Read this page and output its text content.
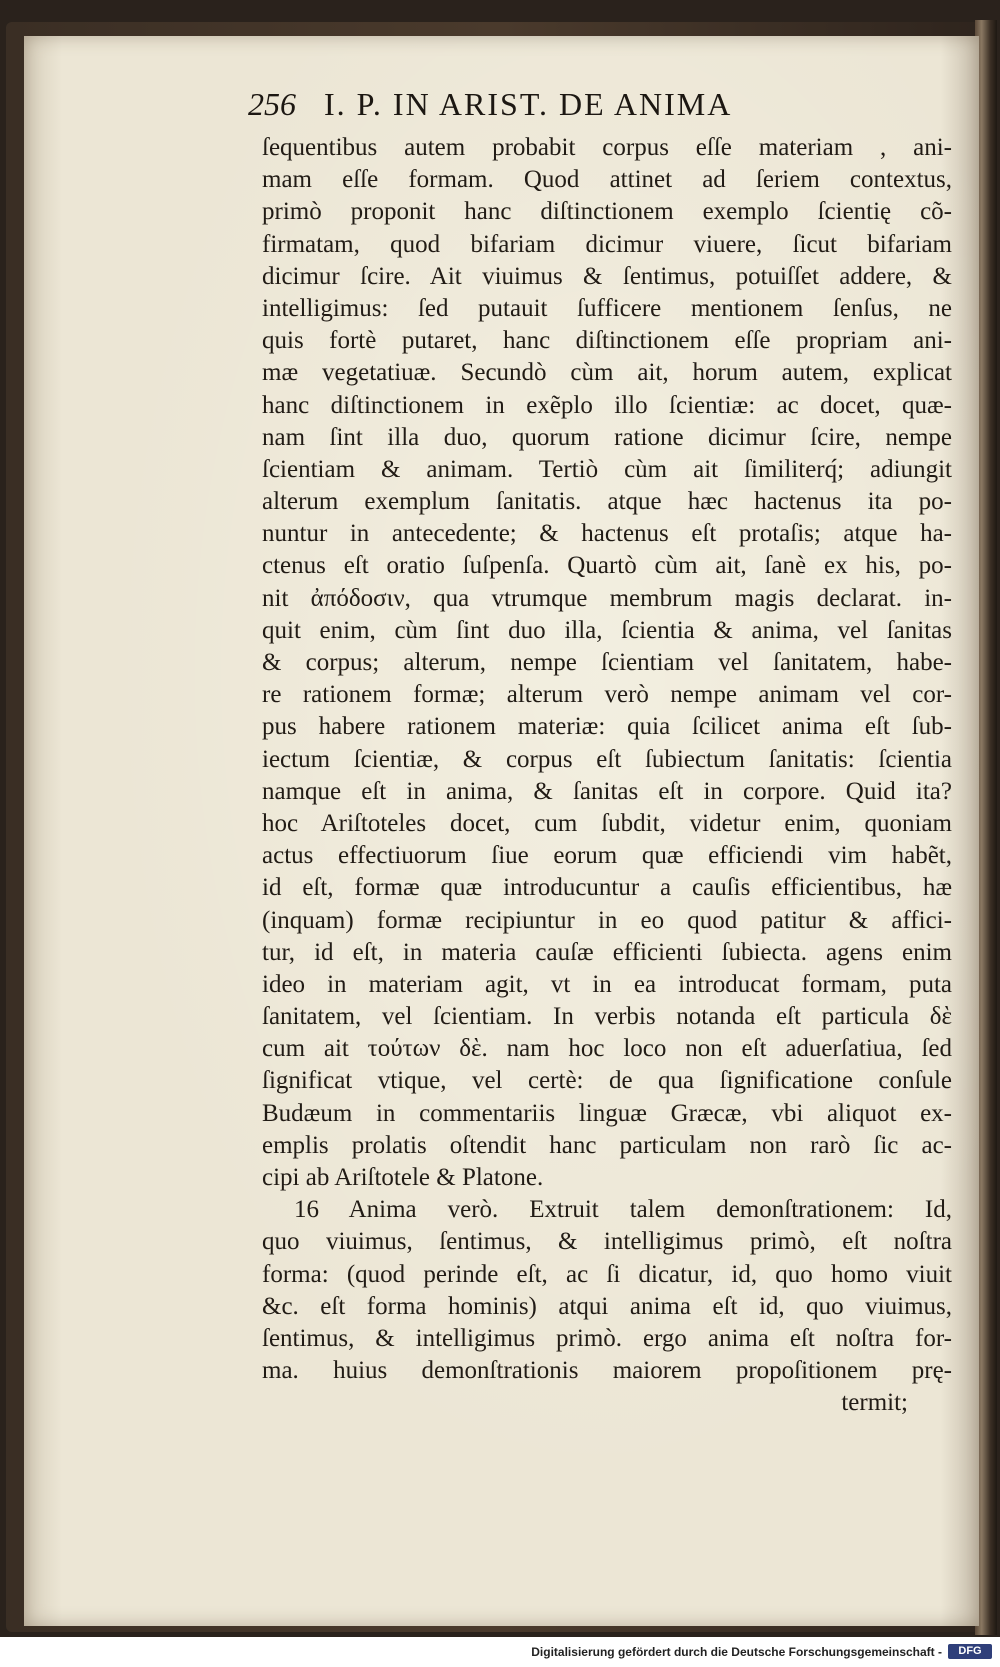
256 I. P. IN ARIST. DE ANIMA
ſequentibus autem probabit corpus eſſe materiam , ani-
mam eſſe formam. Quod attinet ad ſeriem contextus,
primò proponit hanc diſtinctionem exemplo ſcientię cõ-
firmatam, quod bifariam dicimur viuere, ſicut bifariam
dicimur ſcire. Ait viuimus & ſentimus, potuiſſet addere, &
intelligimus: ſed putauit ſufficere mentionem ſenſus, ne
quis fortè putaret, hanc diſtinctionem eſſe propriam ani-
mæ vegetatiuæ. Secundò cùm ait, horum autem, explicat
hanc diſtinctionem in exẽplo illo ſcientiæ: ac docet, quæ-
nam ſint illa duo, quorum ratione dicimur ſcire, nempe
ſcientiam & animam. Tertiò cùm ait ſimiliterq́; adiungit
alterum exemplum ſanitatis. atque hæc hactenus ita po-
nuntur in antecedente; & hactenus eſt protaſis; atque ha-
ctenus eſt oratio ſuſpenſa. Quartò cùm ait, ſanè ex his, po-
nit ἀπόδοσιν, qua vtrumque membrum magis declarat. in-
quit enim, cùm ſint duo illa, ſcientia & anima, vel ſanitas
& corpus; alterum, nempe ſcientiam vel ſanitatem, habe-
re rationem formæ; alterum verò nempe animam vel cor-
pus habere rationem materiæ: quia ſcilicet anima eſt ſub-
iectum ſcientiæ, & corpus eſt ſubiectum ſanitatis: ſcientia
namque eſt in anima, & ſanitas eſt in corpore. Quid ita?
hoc Ariſtoteles docet, cum ſubdit, videtur enim, quoniam
actus effectiuorum ſiue eorum quæ efficiendi vim habẽt,
id eſt, formæ quæ introducuntur a cauſis efficientibus, hæ
(inquam) formæ recipiuntur in eo quod patitur & affici-
tur, id eſt, in materia cauſæ efficienti ſubiecta. agens enim
ideo in materiam agit, vt in ea introducat formam, puta
ſanitatem, vel ſcientiam. In verbis notanda eſt particula δὲ
cum ait τούτων δὲ. nam hoc loco non eſt aduerſatiua, ſed
ſignificat vtique, vel certè: de qua ſignificatione conſule
Budæum in commentariis linguæ Græcæ, vbi aliquot ex-
emplis prolatis oſtendit hanc particulam non rarò ſic ac-
cipi ab Ariſtotele & Platone.
16 Anima verò. Extruit talem demonſtrationem: Id,
quo viuimus, ſentimus, & intelligimus primò, eſt noſtra
forma: (quod perinde eſt, ac ſi dicatur, id, quo homo viuit
&c. eſt forma hominis) atqui anima eſt id, quo viuimus,
ſentimus, & intelligimus primò. ergo anima eſt noſtra for-
ma. huius demonſtrationis maiorem propoſitionem prę-
termit;
Digitalisierung gefördert durch die Deutsche Forschungsgemeinschaft -	DFG
